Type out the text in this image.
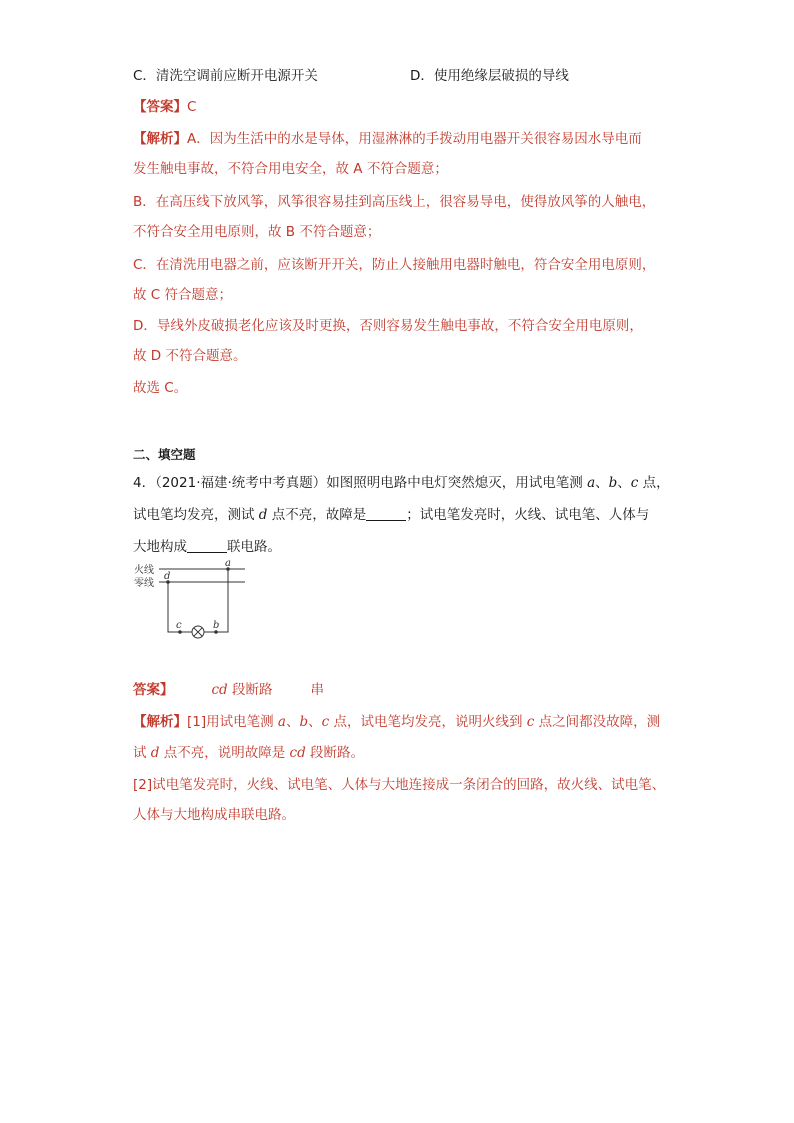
C．清洗空调前应断开电源开关	D．使用绝缘层破损的导线
【答案】C
【解析】A．因为生活中的水是导体，用湿淋淋的手拨动用电器开关很容易因水导电而
发生触电事故，不符合用电安全，故 A 不符合题意；
B．在高压线下放风筝，风筝很容易挂到高压线上，很容易导电，使得放风筝的人触电，
不符合安全用电原则，故 B 不符合题意；
C．在清洗用电器之前，应该断开开关，防止人接触用电器时触电，符合安全用电原则，
故 C 符合题意；
D．导线外皮破损老化应该及时更换，否则容易发生触电事故，不符合安全用电原则，
故 D 不符合题意。
故选 C。
二、填空题
4．（2021·福建·统考中考真题）如图照明电路中电灯突然熄灭，用试电笔测 a、b、c 点，
试电笔均发亮，测试 d 点不亮，故障是	；试电笔发亮时，火线、试电笔、人体与
大地构成	联电路。
火线
零线
a
d
c	b
答案】	cd 段断路	串
【解析】[1]用试电笔测 a、b、c 点，试电笔均发亮，说明火线到 c 点之间都没故障，测
试 d 点不亮，说明故障是 cd 段断路。
[2]试电笔发亮时，火线、试电笔、人体与大地连接成一条闭合的回路，故火线、试电笔、
人体与大地构成串联电路。
